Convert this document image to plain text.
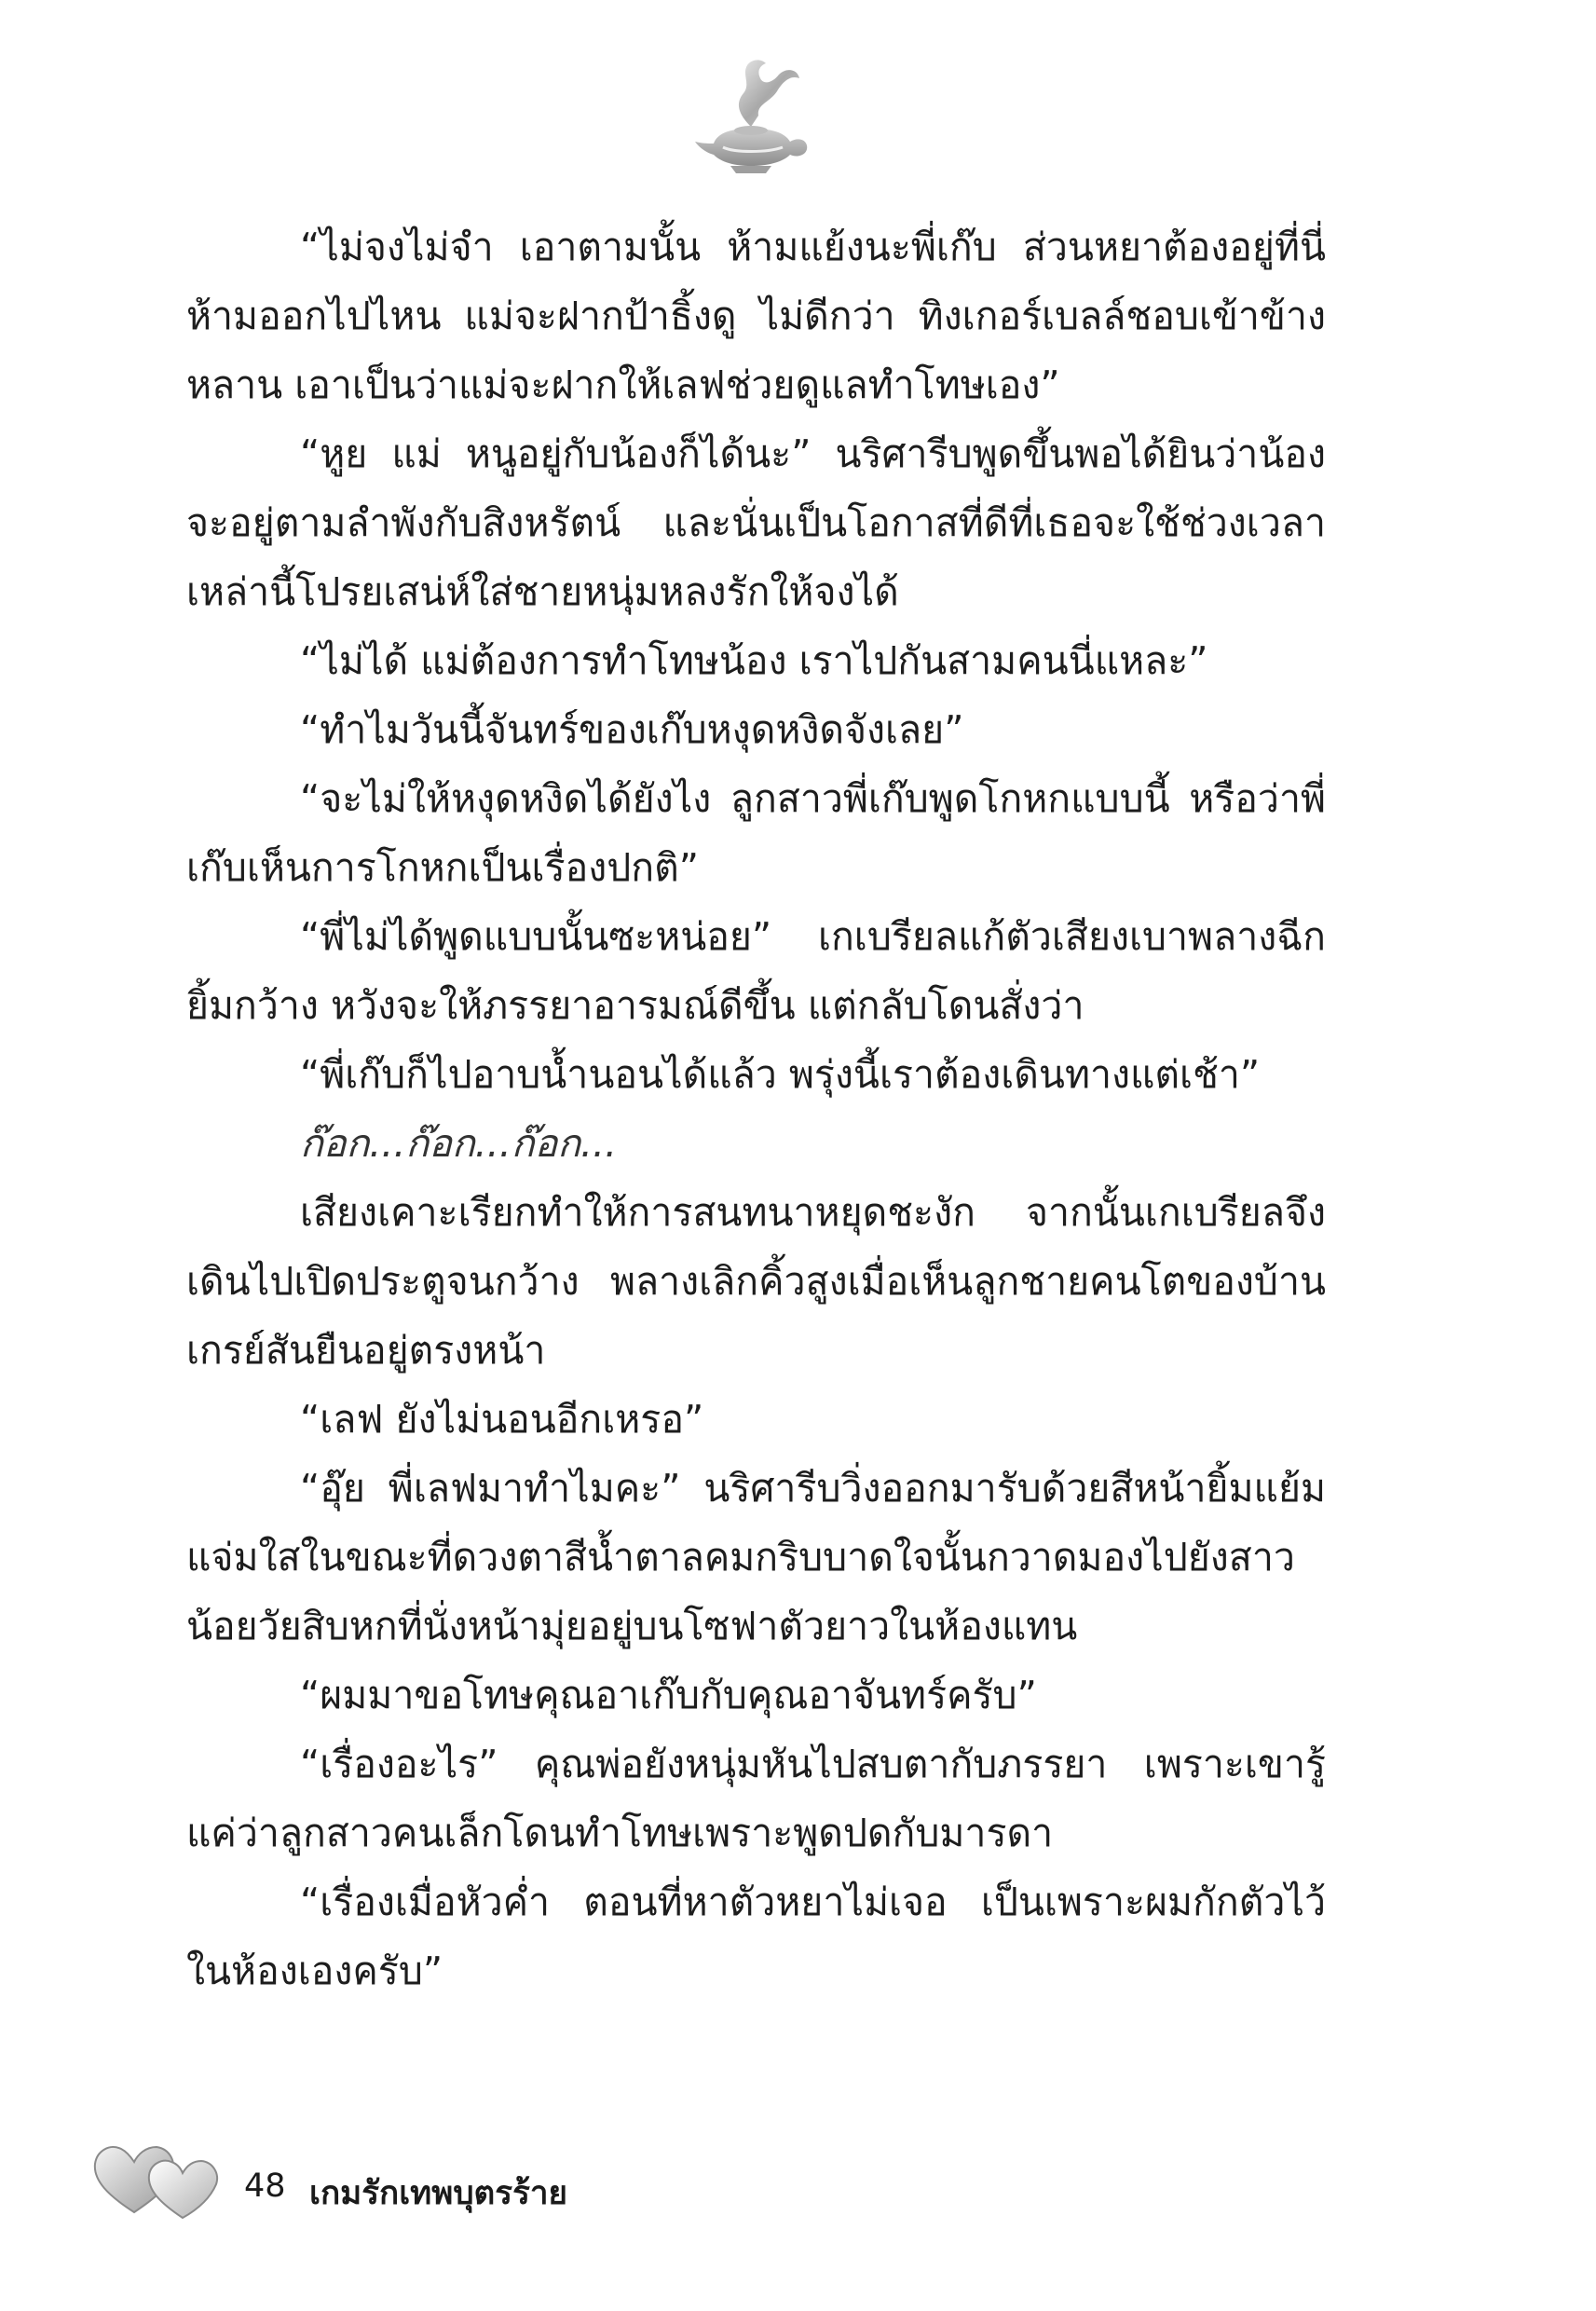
“ไม่จงไม่จำ เอาตามนั้น ห้ามแย้งนะพี่เก๊บ ส่วนหยาต้องอยู่ที่นี่ ห้ามออกไปไหน แม่จะฝากป้าธิ้งดู ไม่ดีกว่า ทิงเกอร์เบลล์ชอบเข้าข้างหลาน เอาเป็นว่าแม่จะฝากให้เลฟช่วยดูแลทำโทษเอง”

“หูย แม่ หนูอยู่กับน้องก็ได้นะ” นริศารีบพูดขึ้นพอได้ยินว่าน้องจะอยู่ตามลำพังกับสิงหรัตน์ และนั่นเป็นโอกาสที่ดีที่เธอจะใช้ช่วงเวลาเหล่านี้โปรยเสน่ห์ใส่ชายหนุ่มหลงรักให้จงได้

“ไม่ได้ แม่ต้องการทำโทษน้อง เราไปกันสามคนนี่แหละ”

“ทำไมวันนี้จันทร์ของเก๊บหงุดหงิดจังเลย”

“จะไม่ให้หงุดหงิดได้ยังไง ลูกสาวพี่เก๊บพูดโกหกแบบนี้ หรือว่าพี่เก๊บเห็นการโกหกเป็นเรื่องปกติ”

“พี่ไม่ได้พูดแบบนั้นซะหน่อย” เกเบรียลแก้ตัวเสียงเบาพลางฉีกยิ้มกว้าง หวังจะให้ภรรยาอารมณ์ดีขึ้น แต่กลับโดนสั่งว่า

“พี่เก๊บก็ไปอาบน้ำนอนได้แล้ว พรุ่งนี้เราต้องเดินทางแต่เช้า”

ก๊อก...ก๊อก...ก๊อก...

เสียงเคาะเรียกทำให้การสนทนาหยุดชะงัก จากนั้นเกเบรียลจึงเดินไปเปิดประตูจนกว้าง พลางเลิกคิ้วสูงเมื่อเห็นลูกชายคนโตของบ้านเกรย์สันยืนอยู่ตรงหน้า

“เลฟ ยังไม่นอนอีกเหรอ”

“อุ๊ย พี่เลฟมาทำไมคะ” นริศารีบวิ่งออกมารับด้วยสีหน้ายิ้มแย้มแจ่มใสในขณะที่ดวงตาสีน้ำตาลคมกริบบาดใจนั้นกวาดมองไปยังสาวน้อยวัยสิบหกที่นั่งหน้ามุ่ยอยู่บนโซฟาตัวยาวในห้องแทน

“ผมมาขอโทษคุณอาเก๊บกับคุณอาจันทร์ครับ”

“เรื่องอะไร” คุณพ่อยังหนุ่มหันไปสบตากับภรรยา เพราะเขารู้แค่ว่าลูกสาวคนเล็กโดนทำโทษเพราะพูดปดกับมารดา

“เรื่องเมื่อหัวค่ำ ตอนที่หาตัวหยาไม่เจอ เป็นเพราะผมกักตัวไว้ในห้องเองครับ”

48 เกมรักเทพบุตรร้าย
